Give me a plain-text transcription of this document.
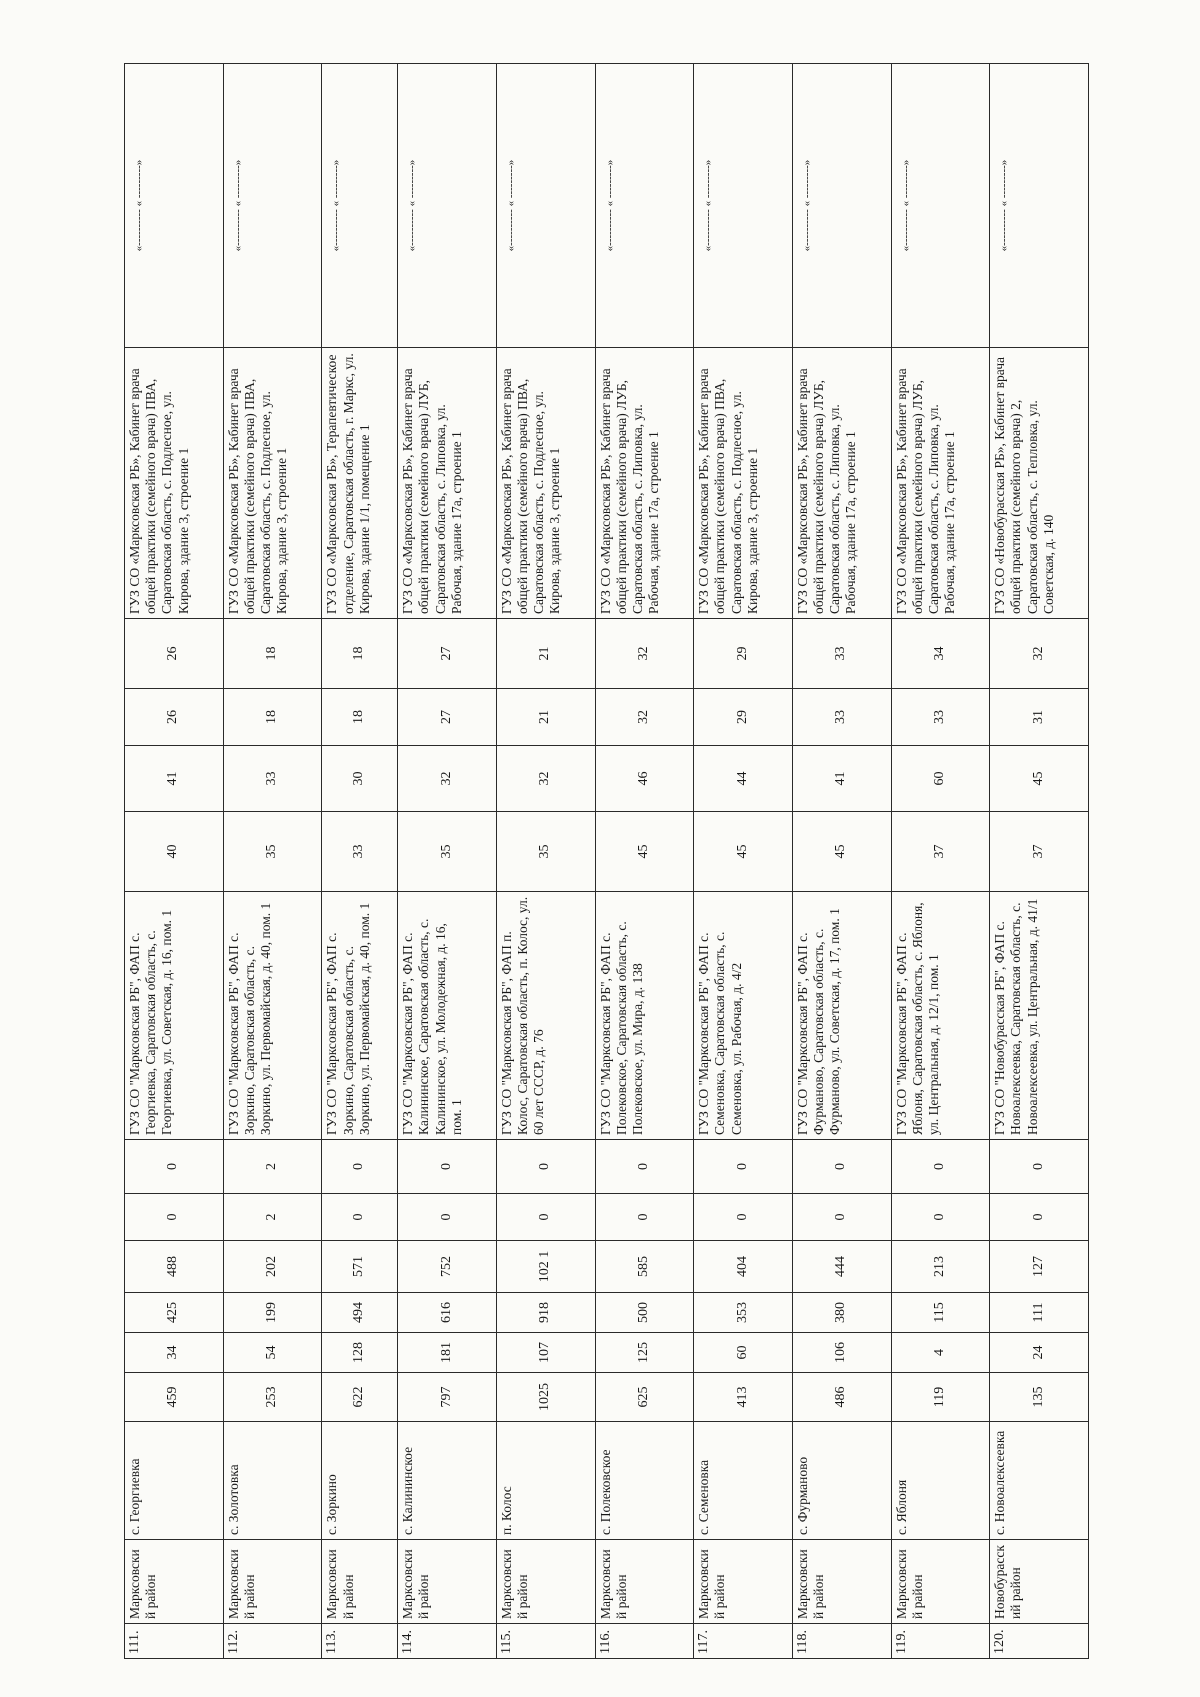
111.	Марксовский район	с. Георгиевка	459	34	425	488	0	0	ГУЗ СО "Марксовская РБ", ФАП с. Георгиевка, Саратовская область, с. Георгиевка, ул. Советская, д. 16, пом. 1	40	41	26	26	ГУЗ СО «Марксовская РБ», Кабинет врача общей практики (семейного врача) ПВА, Саратовская область, с. Подлесное, ул. Кирова, здание 3, строение 1	«---------- « ---------»
112.	Марксовский район	с. Золотовка	253	54	199	202	2	2	ГУЗ СО "Марксовская РБ", ФАП с. Зоркино, Саратовская область, с. Зоркино, ул. Первомайская, д. 40, пом. 1	35	33	18	18	ГУЗ СО «Марксовская РБ», Кабинет врача общей практики (семейного врача) ПВА, Саратовская область, с. Подлесное, ул. Кирова, здание 3, строение 1	«---------- « ---------»
113.	Марксовский район	с. Зоркино	622	128	494	571	0	0	ГУЗ СО "Марксовская РБ", ФАП с. Зоркино, Саратовская область, с. Зоркино, ул. Первомайская, д. 40, пом. 1	33	30	18	18	ГУЗ СО «Марксовская РБ», Терапевтическое отделение, Саратовская область, г. Маркс, ул. Кирова, здание 1/1, помещение 1	«---------- « ---------»
114.	Марксовский район	с. Калининское	797	181	616	752	0	0	ГУЗ СО "Марксовская РБ", ФАП с. Калининское, Саратовская область, с. Калининское, ул. Молодежная, д. 16, пом. 1	35	32	27	27	ГУЗ СО «Марксовская РБ», Кабинет врача общей практики (семейного врача) ЛУБ, Саратовская область, с. Липовка, ул. Рабочая, здание 17а, строение 1	«---------- « ---------»
115.	Марксовский район	п. Колос	1025	107	918	102 1	0	0	ГУЗ СО "Марксовская РБ", ФАП п. Колос, Саратовская область, п. Колос, ул. 60 лет СССР, д. 76	35	32	21	21	ГУЗ СО «Марксовская РБ», Кабинет врача общей практики (семейного врача) ПВА, Саратовская область, с. Подлесное, ул. Кирова, здание 3, строение 1	«---------- « ---------»
116.	Марксовский район	с. Полековское	625	125	500	585	0	0	ГУЗ СО "Марксовская РБ", ФАП с. Полековское, Саратовская область, с. Полековское, ул. Мира, д. 138	45	46	32	32	ГУЗ СО «Марксовская РБ», Кабинет врача общей практики (семейного врача) ЛУБ, Саратовская область, с. Липовка, ул. Рабочая, здание 17а, строение 1	«---------- « ---------»
117.	Марксовский район	с. Семеновка	413	60	353	404	0	0	ГУЗ СО "Марксовская РБ", ФАП с. Семеновка, Саратовская область, с. Семеновка, ул. Рабочая, д. 4/2	45	44	29	29	ГУЗ СО «Марксовская РБ», Кабинет врача общей практики (семейного врача) ПВА, Саратовская область, с. Подлесное, ул. Кирова, здание 3, строение 1	«---------- « ---------»
118.	Марксовский район	с. Фурманово	486	106	380	444	0	0	ГУЗ СО "Марксовская РБ", ФАП с. Фурманово, Саратовская область, с. Фурманово, ул. Советская, д. 17, пом. 1	45	41	33	33	ГУЗ СО «Марксовская РБ», Кабинет врача общей практики (семейного врача) ЛУБ, Саратовская область, с. Липовка, ул. Рабочая, здание 17а, строение 1	«---------- « ---------»
119.	Марксовский район	с. Яблоня	119	4	115	213	0	0	ГУЗ СО "Марксовская РБ", ФАП с. Яблоня, Саратовская область, с. Яблоня, ул. Центральная, д. 12/1, пом. 1	37	60	33	34	ГУЗ СО «Марксовская РБ», Кабинет врача общей практики (семейного врача) ЛУБ, Саратовская область, с. Липовка, ул. Рабочая, здание 17а, строение 1	«---------- « ---------»
120.	Новобурасский район	с. Новоалексеевка	135	24	111	127	0	0	ГУЗ СО "Новобурасская РБ", ФАП с. Новоалексеевка, Саратовская область, с. Новоалексеевка, ул. Центральная, д. 41/1	37	45	31	32	ГУЗ СО «Новобурасская РБ», Кабинет врача общей практики (семейного врача) 2, Саратовская область, с. Тепловка, ул. Советская, д. 140	«---------- « ---------»
